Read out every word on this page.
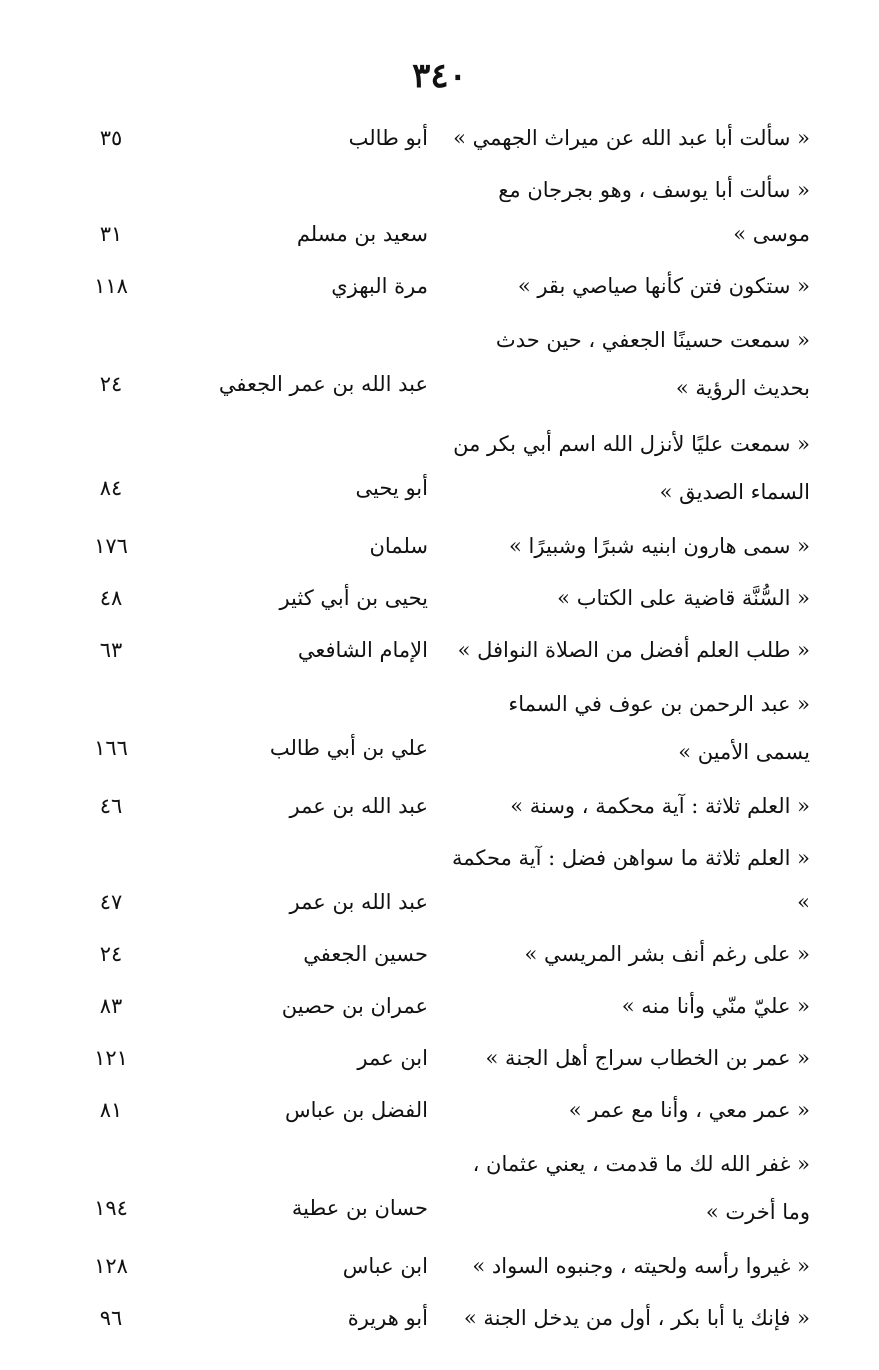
٣٤٠
« سألت أبا عبد الله عن ميراث الجهمي »
أبو طالب
٣٥
« سألت أبا يوسف ، وهو بجرجان مع موسى »
سعيد بن مسلم
٣١
« ستكون فتن كأنها صياصي بقر »
مرة البهزي
١١٨
« سمعت حسينًا الجعفي ، حين حدث بحديث الرؤية »
عبد الله بن عمر الجعفي
٢٤
« سمعت عليًا لأنزل الله اسم أبي بكر من السماء الصديق »
أبو يحيى
٨٤
« سمى هارون ابنيه شبرًا وشبيرًا »
سلمان
١٧٦
« السُّنَّة قاضية على الكتاب »
يحيى بن أبي كثير
٤٨
« طلب العلم أفضل من الصلاة النوافل »
الإمام الشافعي
٦٣
« عبد الرحمن بن عوف في السماء يسمى الأمين »
علي بن أبي طالب
١٦٦
« العلم ثلاثة : آية محكمة ، وسنة »
عبد الله بن عمر
٤٦
« العلم ثلاثة ما سواهن فضل : آية محكمة »
عبد الله بن عمر
٤٧
« على رغم أنف بشر المريسي »
حسين الجعفي
٢٤
« عليّ منّي وأنا منه »
عمران بن حصين
٨٣
« عمر بن الخطاب سراج أهل الجنة »
ابن عمر
١٢١
« عمر معي ، وأنا مع عمر »
الفضل بن عباس
٨١
« غفر الله لك ما قدمت ، يعني عثمان ، وما أخرت »
حسان بن عطية
١٩٤
« غيروا رأسه ولحيته ، وجنبوه السواد »
ابن عباس
١٢٨
« فإنك يا أبا بكر ، أول من يدخل الجنة »
أبو هريرة
٩٦
